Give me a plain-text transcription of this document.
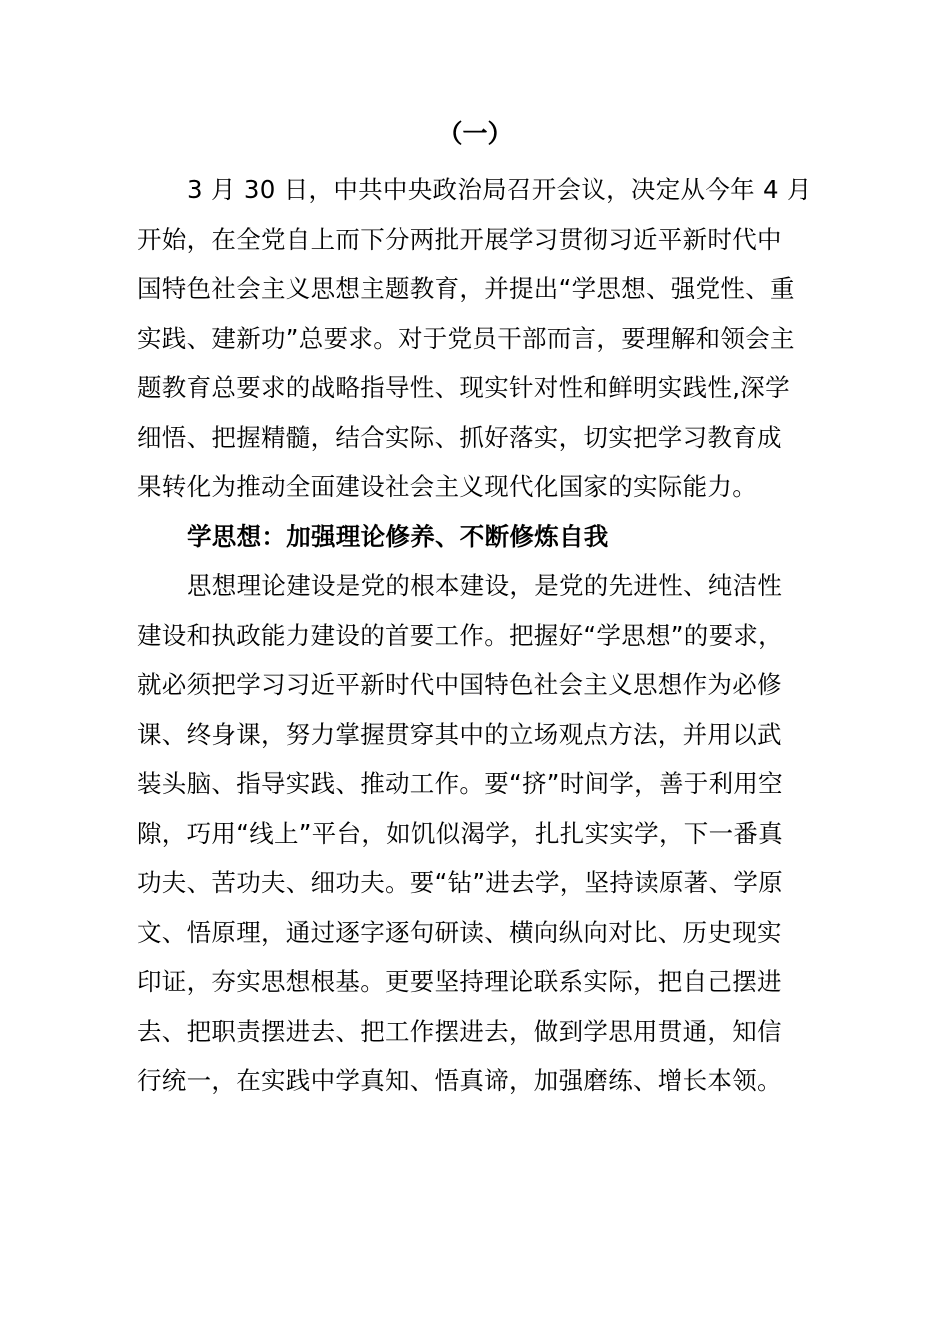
（一）
3 月 30 日，中共中央政治局召开会议，决定从今年 4 月
开始，在全党自上而下分两批开展学习贯彻习近平新时代中
国特色社会主义思想主题教育，并提出“学思想、强党性、重
实践、建新功”总要求。对于党员干部而言，要理解和领会主
题教育总要求的战略指导性、现实针对性和鲜明实践性,深学
细悟、把握精髓，结合实际、抓好落实，切实把学习教育成
果转化为推动全面建设社会主义现代化国家的实际能力。
学思想：加强理论修养、不断修炼自我
思想理论建设是党的根本建设，是党的先进性、纯洁性
建设和执政能力建设的首要工作。把握好“学思想”的要求，
就必须把学习习近平新时代中国特色社会主义思想作为必修
课、终身课，努力掌握贯穿其中的立场观点方法，并用以武
装头脑、指导实践、推动工作。要“挤”时间学，善于利用空
隙，巧用“线上”平台，如饥似渴学，扎扎实实学，下一番真
功夫、苦功夫、细功夫。要“钻”进去学，坚持读原著、学原
文、悟原理，通过逐字逐句研读、横向纵向对比、历史现实
印证，夯实思想根基。更要坚持理论联系实际，把自己摆进
去、把职责摆进去、把工作摆进去，做到学思用贯通，知信
行统一，在实践中学真知、悟真谛，加强磨练、增长本领。
